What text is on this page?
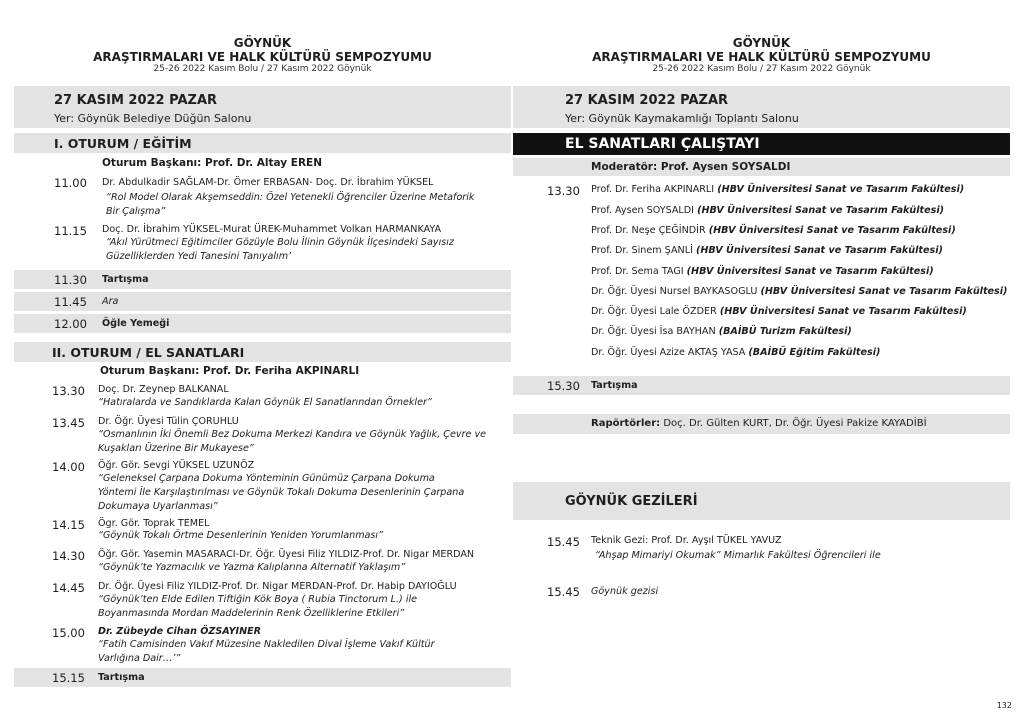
GÖYNÜK
ARAŞTIRMALARI VE HALK KÜLTÜRÜ SEMPOZYUMU
25-26 2022 Kasım Bolu / 27 Kasım 2022 Göynük
27 KASIM 2022 PAZAR
Yer: Göynük Belediye Düğün Salonu
I. OTURUM / EĞİTİM
Oturum Başkanı: Prof. Dr. Altay EREN
11.00 Dr. Abdulkadir SAĞLAM-Dr. Ömer ERBASAN- Doç. Dr. İbrahim YÜKSEL
“Rol Model Olarak Akşemseddin: Özel Yetenekli Öğrenciler Üzerine Metaforik Bir Çalışma”
11.15 Doç. Dr. İbrahim YÜKSEL-Murat ÜREK-Muhammet Volkan HARMANKAYA
“Akıl Yürütmeci Eğitimciler Gözüyle Bolu İlinin Göynük İlçesindeki Sayısız Güzelliklerden Yedi Tanesini Tanıyalım’
11.30 Tartışma
11.45 Ara
12.00 Öğle Yemeği
II. OTURUM / EL SANATLARI
Oturum Başkanı: Prof. Dr. Feriha AKPINARLI
13.30 Doç. Dr. Zeynep BALKANAL
“Hatıralarda ve Sandıklarda Kalan Göynük El Sanatlarından Örnekler”
13.45 Dr. Öğr. Üyesi Tülin ÇORUHLU
“Osmanlının İki Önemli Bez Dokuma Merkezi Kandıra ve Göynük Yağlık, Çevre ve Kuşakları Üzerine Bir Mukayese”
14.00 Öğr. Gör. Sevgi YÜKSEL UZUNÖZ
“Geleneksel Çarpana Dokuma Yönteminin Günümüz Çarpana Dokuma Yöntemi İle Karşılaştırılması ve Göynük Tokalı Dokuma Desenlerinin Çarpana Dokumaya Uyarlanması”
14.15 Ögr. Gör. Toprak TEMEL
“Göynük Tokalı Örtme Desenlerinin Yeniden Yorumlanması”
14.30 Öğr. Gör. Yasemin MASARACI-Dr. Öğr. Üyesi Filiz YILDIZ-Prof. Dr. Nigar MERDAN
“Göynük’te Yazmacılık ve Yazma Kalıplarına Alternatif Yaklaşım”
14.45 Dr. Öğr. Üyesi Filiz YILDIZ-Prof. Dr. Nigar MERDAN-Prof. Dr. Habip DAYIOĞLU
“Göynük’ten Elde Edilen Tiftiğin Kök Boya ( Rubia Tinctorum L.) ile Boyanmasında Mordan Maddelerinin Renk Özelliklerine Etkileri”
15.00 Dr. Zübeyde Cihan ÖZSAYINER
“Fatih Camisinden Vakıf Müzesine Nakledilen Dival İşleme Vakıf Kültür Varlığına Dair…’”
15.15 Tartışma
GÖYNÜK
ARAŞTIRMALARI VE HALK KÜLTÜRÜ SEMPOZYUMU
25-26 2022 Kasım Bolu / 27 Kasım 2022 Göynük
27 KASIM 2022 PAZAR
Yer: Göynük Kaymakamlığı Toplantı Salonu
EL SANATLARI ÇALIŞTAYI
Moderatör: Prof. Aysen SOYSALDI
13.30 Prof. Dr. Feriha AKPINARLI (HBV Üniversitesi Sanat ve Tasarım Fakültesi)
Prof. Aysen SOYSALDI (HBV Üniversitesi Sanat ve Tasarım Fakültesi)
Prof. Dr. Neşe ÇEĞİNDİR (HBV Üniversitesi Sanat ve Tasarım Fakültesi)
Prof. Dr. Sinem ŞANLİ (HBV Üniversitesi Sanat ve Tasarım Fakültesi)
Prof. Dr. Sema TAGI (HBV Üniversitesi Sanat ve Tasarım Fakültesi)
Dr. Öğr. Üyesi Nursel BAYKASOGLU (HBV Üniversitesi Sanat ve Tasarım Fakültesi)
Dr. Öğr. Üyesi Lale ÖZDER (HBV Üniversitesi Sanat ve Tasarım Fakültesi)
Dr. Öğr. Üyesi İsa BAYHAN (BAİBÜ Turizm Fakültesi)
Dr. Öğr. Üyesi Azize AKTAŞ YASA (BAİBÜ Eğitim Fakültesi)
15.30 Tartışma
Rapörtörler: Doç. Dr. Gülten KURT, Dr. Öğr. Üyesi Pakize KAYADİBİ
GÖYNÜK GEZİLERİ
15.45 Teknik Gezi: Prof. Dr. Ayşıl TÜKEL YAVUZ
“Ahşap Mimariyi Okumak” Mimarlık Fakültesi Öğrencileri ile
15.45 Göynük gezisi
132
